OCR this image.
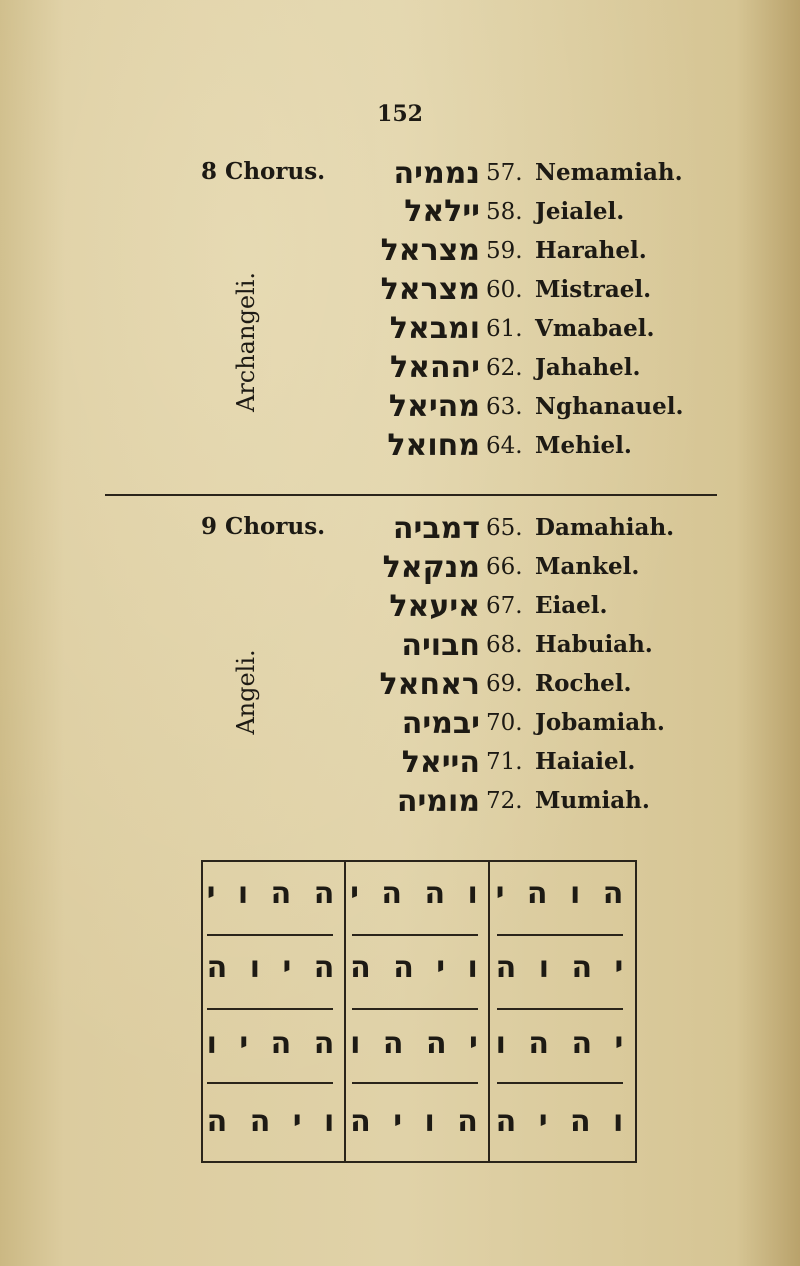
152
8 Chorus.
Archangeli.
נממיה 57. Nemamiah.
יילאל 58. Jeialel.
מצראל 59. Harahel.
מצראל 60. Mistrael.
ומבאל 61. Vmabael.
יההאל 62. Jahahel.
מהיאל 63. Nghanauel.
מחואל 64. Mehiel.
9 Chorus.
Angeli.
דמביה 65. Damahiah.
מנקאל 66. Mankel.
איעאל 67. Eiael.
חבויה 68. Habuiah.
ראחאל 69. Rochel.
יבמיה 70. Jobamiah.
הייאל 71. Haiaiel.
מומיה 72. Mumiah.
ה ה ו י ו ה ה י ה ו ה י
ה י ו ה ו י ה ה י ה ו ה
ה ה י ו י ה ה ו י ה ה ו
ו י ה ה ה ו י ה ו ה י ה
